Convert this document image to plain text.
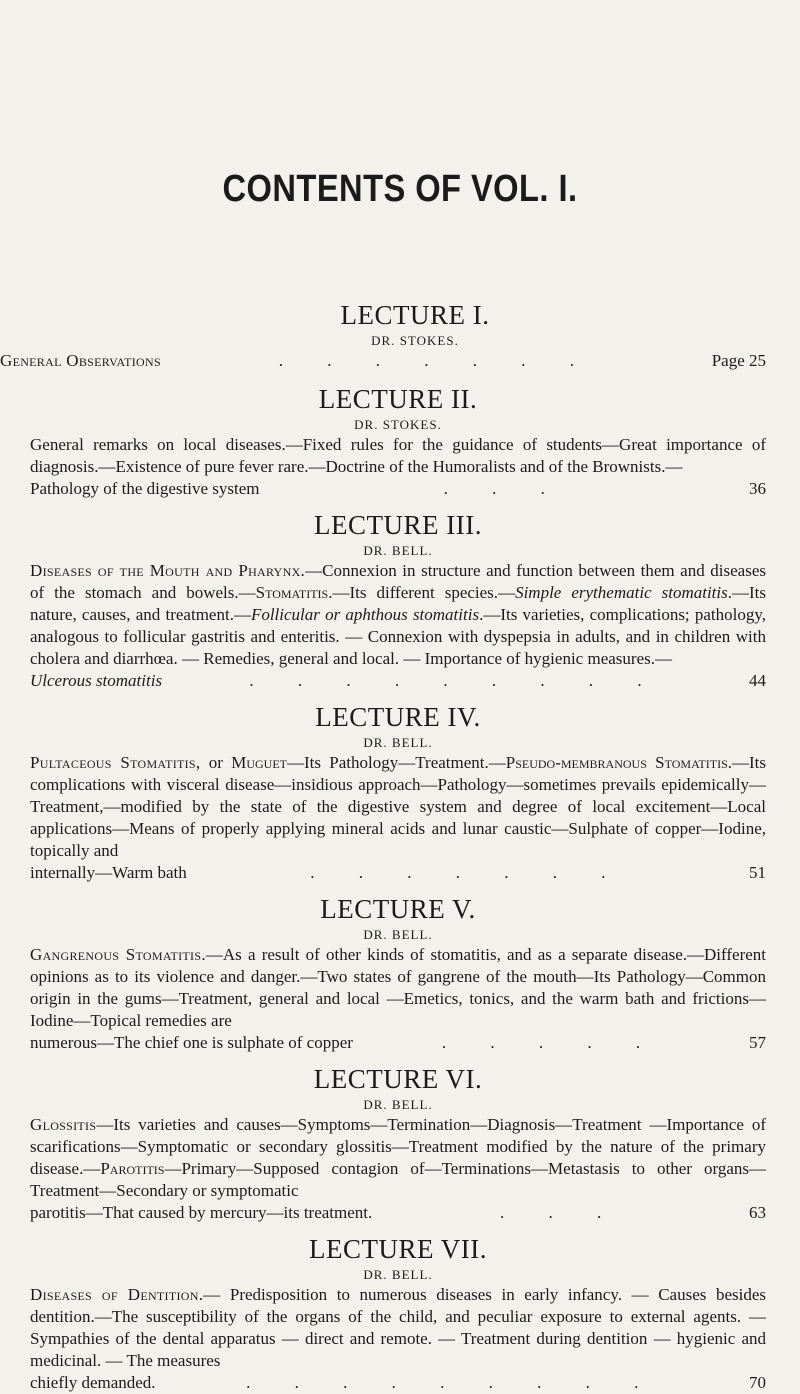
CONTENTS OF VOL. I.

LECTURE I.

DR. STOKES.

General Observations	. . . . . . .	Page 25

LECTURE II.

DR. STOKES.

General remarks on local diseases.—Fixed rules for the guidance of students—Great importance of diagnosis.—Existence of pure fever rare.—Doctrine of the Humoralists and of the Brownists.—

Pathology of the digestive system	. . .	36

LECTURE III.

DR. BELL.

Diseases of the Mouth and Pharynx.—Connexion in structure and function between them and diseases of the stomach and bowels.—Stomatitis.—Its different species.—Simple erythematic stomatitis.—Its nature, causes, and treatment.—Follicular or aphthous stomatitis.—Its varieties, complications; pathology, analogous to follicular gastritis and enteritis. — Connexion with dyspepsia in adults, and in children with cholera and diarrhœa. — Remedies, general and local. — Importance of hygienic measures.—

Ulcerous stomatitis	. . . . . . . . .	44

LECTURE IV.

DR. BELL.

Pultaceous Stomatitis, or Muguet—Its Pathology—Treatment.—Pseudo-membranous Stomatitis.—Its complications with visceral disease—insidious approach—Pathology—sometimes prevails epidemically—Treatment,—modified by the state of the digestive system and degree of local excitement—Local applications—Means of properly applying mineral acids and lunar caustic—Sulphate of copper—Iodine, topically and

internally—Warm bath	. . . . . . .	51

LECTURE V.

DR. BELL.

Gangrenous Stomatitis.—As a result of other kinds of stomatitis, and as a separate disease.—Different opinions as to its violence and danger.—Two states of gangrene of the mouth—Its Pathology—Common origin in the gums—Treatment, general and local —Emetics, tonics, and the warm bath and frictions—Iodine—Topical remedies are

numerous—The chief one is sulphate of copper	. . . . .	57

LECTURE VI.

DR. BELL.

Glossitis—Its varieties and causes—Symptoms—Termination—Diagnosis—Treatment —Importance of scarifications—Symptomatic or secondary glossitis—Treatment modified by the nature of the primary disease.—Parotitis—Primary—Supposed contagion of—Terminations—Metastasis to other organs—Treatment—Secondary or symptomatic

parotitis—That caused by mercury—its treatment.	. . .	63

LECTURE VII.

DR. BELL.

Diseases of Dentition.— Predisposition to numerous diseases in early infancy. — Causes besides dentition.—The susceptibility of the organs of the child, and peculiar exposure to external agents. — Sympathies of the dental apparatus — direct and remote. — Treatment during dentition — hygienic and medicinal. — The measures

chiefly demanded.	. . . . . . . . .	70
